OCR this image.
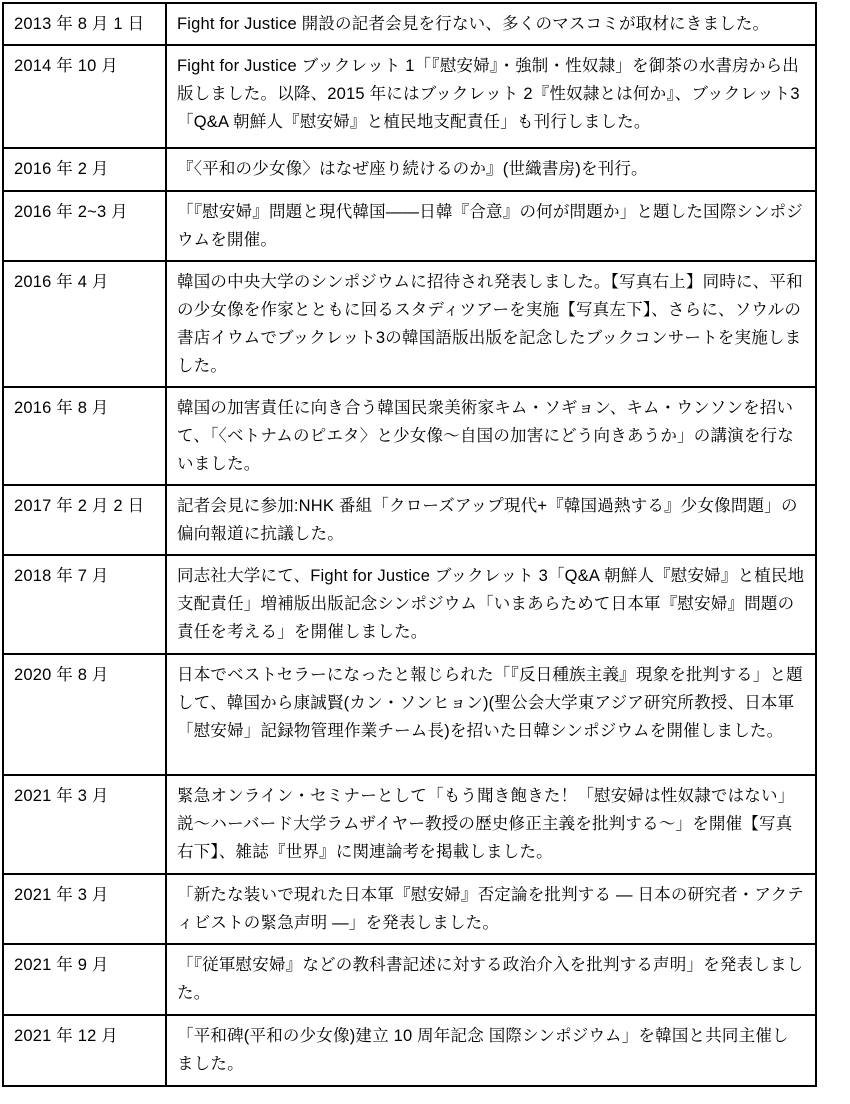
2013 年 8 月 1 日	Fight for Justice 開設の記者会見を行ない、多くのマスコミが取材にきました。
2014 年 10 月	Fight for Justice ブックレット 1「『慰安婦』・強制・性奴隷」を御茶の水書房から出版しました。以降、2015 年にはブックレット 2『性奴隷とは何か』、ブックレット3「Q&A 朝鮮人『慰安婦』と植民地支配責任」も刊行しました。
2016 年 2 月	『〈平和の少女像〉はなぜ座り続けるのか』(世織書房)を刊行。
2016 年 2~3 月	「『慰安婦』問題と現代韓国——日韓『合意』の何が問題か」と題した国際シンポジウムを開催。
2016 年 4 月	韓国の中央大学のシンポジウムに招待され発表しました。【写真右上】同時に、平和の少女像を作家とともに回るスタディツアーを実施【写真左下】、さらに、ソウルの書店イウムでブックレット3の韓国語版出版を記念したブックコンサートを実施しました。
2016 年 8 月	韓国の加害責任に向き合う韓国民衆美術家キム・ソギョン、キム・ウンソンを招いて、「〈ベトナムのピエタ〉と少女像～自国の加害にどう向きあうか」の講演を行ないました。
2017 年 2 月 2 日	記者会見に参加:NHK 番組「クローズアップ現代+『韓国過熱する』少女像問題」の偏向報道に抗議した。
2018 年 7 月	同志社大学にて、Fight for Justice ブックレット 3「Q&A 朝鮮人『慰安婦』と植民地支配責任」増補版出版記念シンポジウム「いまあらためて日本軍『慰安婦』問題の責任を考える」を開催しました。
2020 年 8 月	日本でベストセラーになったと報じられた「『反日種族主義』現象を批判する」と題して、韓国から康誠賢(カン・ソンヒョン)(聖公会大学東アジア研究所教授、日本軍「慰安婦」記録物管理作業チーム長)を招いた日韓シンポジウムを開催しました。
2021 年 3 月	緊急オンライン・セミナーとして「もう聞き飽きた！「慰安婦は性奴隷ではない」説～ハーバード大学ラムザイヤー教授の歴史修正主義を批判する～」を開催【写真右下】、雑誌『世界』に関連論考を掲載しました。
2021 年 3 月	「新たな装いで現れた日本軍『慰安婦』否定論を批判する — 日本の研究者・アクティビストの緊急声明 —」を発表しました。
2021 年 9 月	「『従軍慰安婦』などの教科書記述に対する政治介入を批判する声明」を発表しました。
2021 年 12 月	「平和碑(平和の少女像)建立 10 周年記念 国際シンポジウム」を韓国と共同主催しました。
